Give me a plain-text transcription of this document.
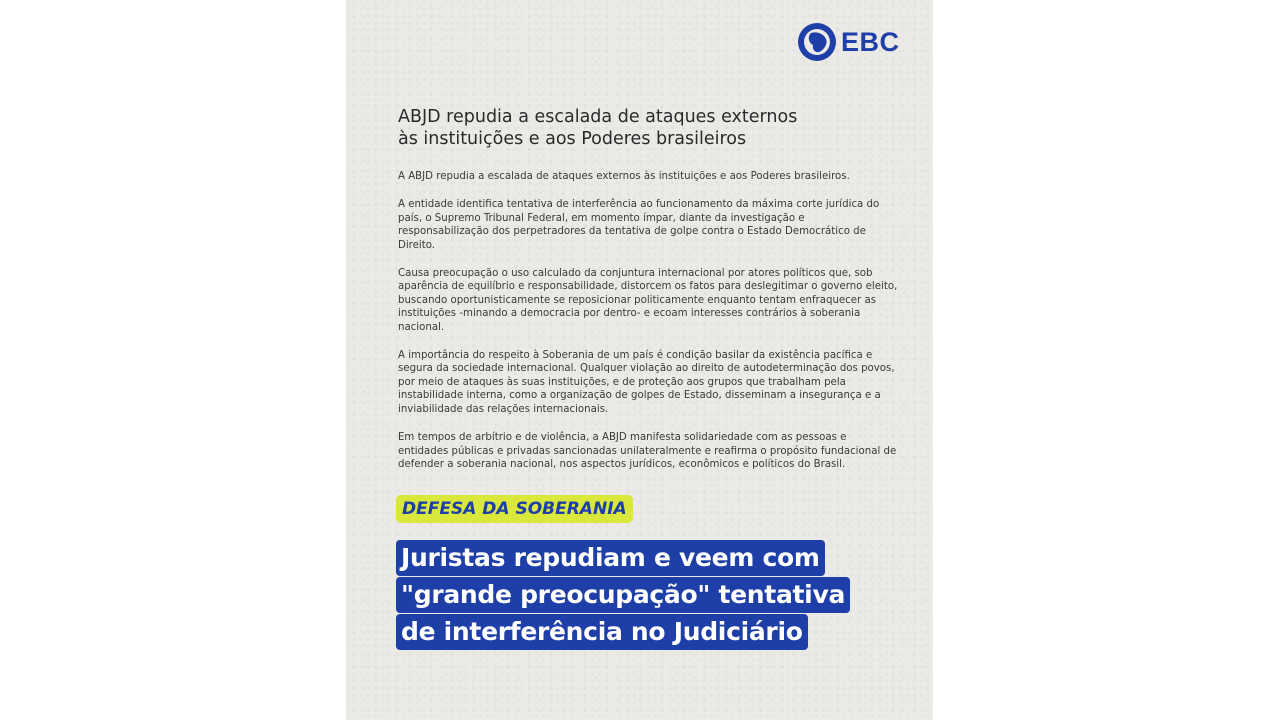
EBC
ABJD repudia a escalada de ataques externos
às instituições e aos Poderes brasileiros

A ABJD repudia a escalada de ataques externos às instituições e aos Poderes brasileiros.

A entidade identifica tentativa de interferência ao funcionamento da máxima corte jurídica do país, o Supremo Tribunal Federal, em momento ímpar, diante da investigação e responsabilização dos perpetradores da tentativa de golpe contra o Estado Democrático de Direito.

Causa preocupação o uso calculado da conjuntura internacional por atores políticos que, sob aparência de equilíbrio e responsabilidade, distorcem os fatos para deslegitimar o governo eleito, buscando oportunisticamente se reposicionar politicamente enquanto tentam enfraquecer as instituições -minando a democracia por dentro- e ecoam interesses contrários à soberania nacional.

A importância do respeito à Soberania de um país é condição basilar da existência pacífica e segura da sociedade internacional. Qualquer violação ao direito de autodeterminação dos povos, por meio de ataques às suas instituições, e de proteção aos grupos que trabalham pela instabilidade interna, como a organização de golpes de Estado, disseminam a insegurança e a inviabilidade das relações internacionais.

Em tempos de arbítrio e de violência, a ABJD manifesta solidariedade com as pessoas e entidades públicas e privadas sancionadas unilateralmente e reafirma o propósito fundacional de defender a soberania nacional, nos aspectos jurídicos, econômicos e políticos do Brasil.

DEFESA DA SOBERANIA
Juristas repudiam e veem com
"grande preocupação" tentativa
de interferência no Judiciário
